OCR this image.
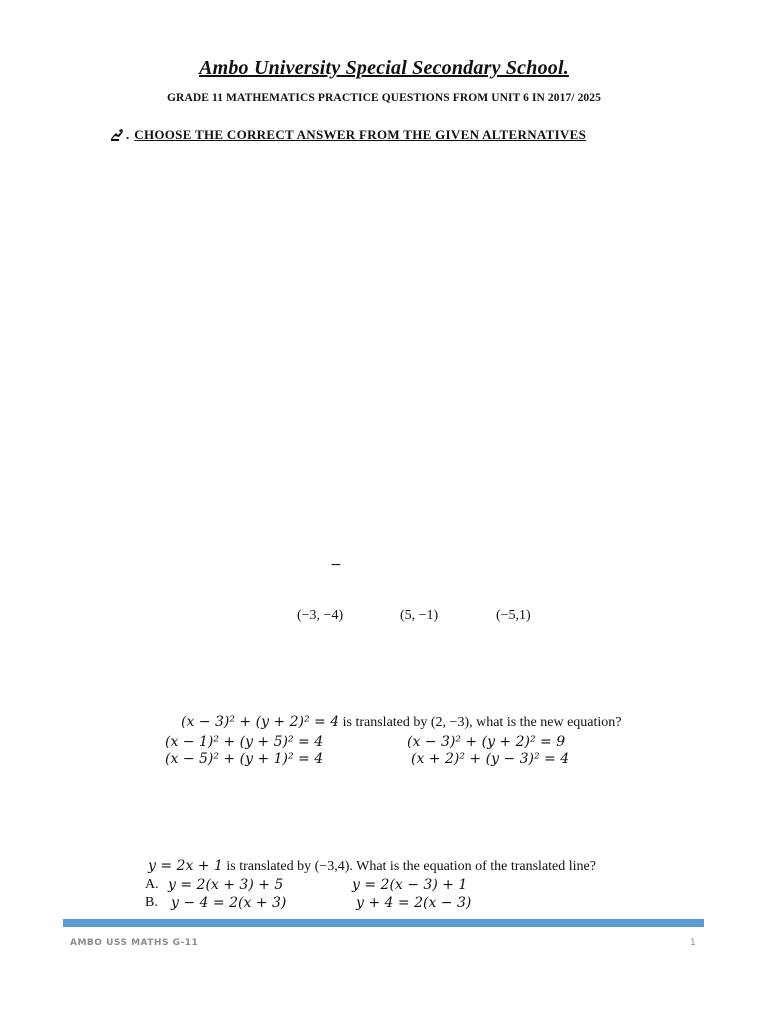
Ambo University Special Secondary School.
GRADE 11 MATHEMATICS PRACTICE QUESTIONS FROM UNIT 6 IN 2017/ 2025
. CHOOSE THE CORRECT ANSWER FROM THE GIVEN ALTERNATIVES
−
(−3, −4)	(5, −1)	(−5,1)
(x − 3)² + (y + 2)² = 4 is translated by (2, −3), what is the new equation?
(x − 1)² + (y + 5)² = 4	(x − 3)² + (y + 2)² = 9
(x − 5)² + (y + 1)² = 4	(x + 2)² + (y − 3)² = 4
y = 2x + 1 is translated by (−3,4). What is the equation of the translated line?
A. y = 2(x + 3) + 5	y = 2(x − 3) + 1
B. y − 4 = 2(x + 3)	y + 4 = 2(x − 3)
AMBO USS MATHS G-11	1
